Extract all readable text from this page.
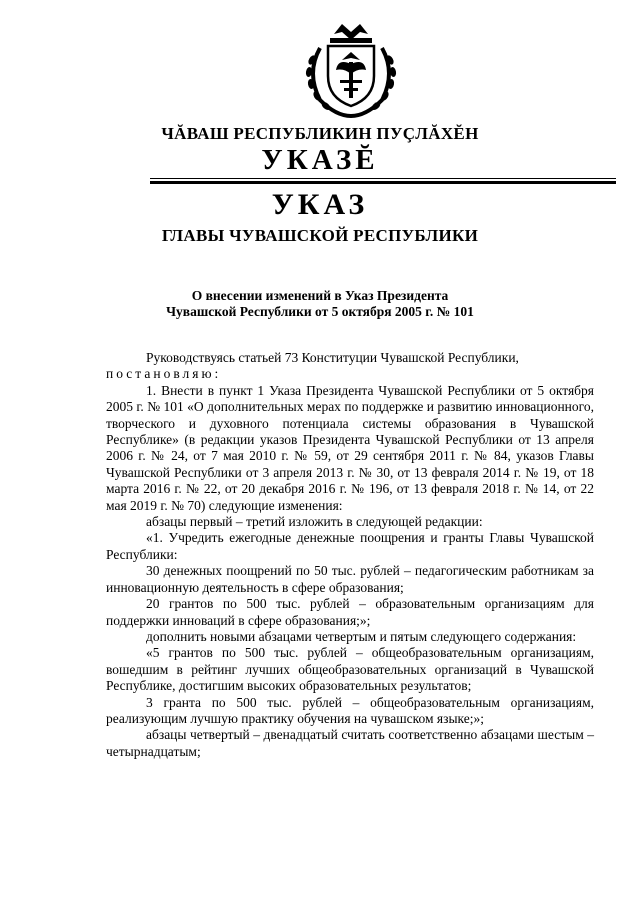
ЧĂВАШ РЕСПУБЛИКИН ПУÇЛĂХĔН
УКАЗĔ
УКАЗ
ГЛАВЫ ЧУВАШСКОЙ РЕСПУБЛИКИ
О внесении изменений в Указ Президента
Чувашской Республики от 5 октября 2005 г. № 101

Руководствуясь статьей 73 Конституции Чувашской Республики,

постановляю:

1. Внести в пункт 1 Указа Президента Чувашской Республики от 5 октября 2005 г. № 101 «О дополнительных мерах по поддержке и развитию инновационного, творческого и духовного потенциала системы образования в Чувашской Республике» (в редакции указов Президента Чувашской Республики от 13 апреля 2006 г. № 24, от 7 мая 2010 г. № 59, от 29 сентября 2011 г. № 84, указов Главы Чувашской Республики от 3 апреля 2013 г. № 30, от 13 февраля 2014 г. № 19, от 18 марта 2016 г. № 22, от 20 декабря 2016 г. № 196, от 13 февраля 2018 г. № 14, от 22 мая 2019 г. № 70) следующие изменения:

абзацы первый – третий изложить в следующей редакции:

«1. Учредить ежегодные денежные поощрения и гранты Главы Чувашской Республики:

30 денежных поощрений по 50 тыс. рублей – педагогическим работникам за инновационную деятельность в сфере образования;

20 грантов по 500 тыс. рублей – образовательным организациям для поддержки инноваций в сфере образования;»;

дополнить новыми абзацами четвертым и пятым следующего содержания:

«5 грантов по 500 тыс. рублей – общеобразовательным организациям, вошедшим в рейтинг лучших общеобразовательных организаций в Чувашской Республике, достигшим высоких образовательных результатов;

3 гранта по 500 тыс. рублей – общеобразовательным организациям, реализующим лучшую практику обучения на чувашском языке;»;

абзацы четвертый – двенадцатый считать соответственно абзацами шестым – четырнадцатым;
